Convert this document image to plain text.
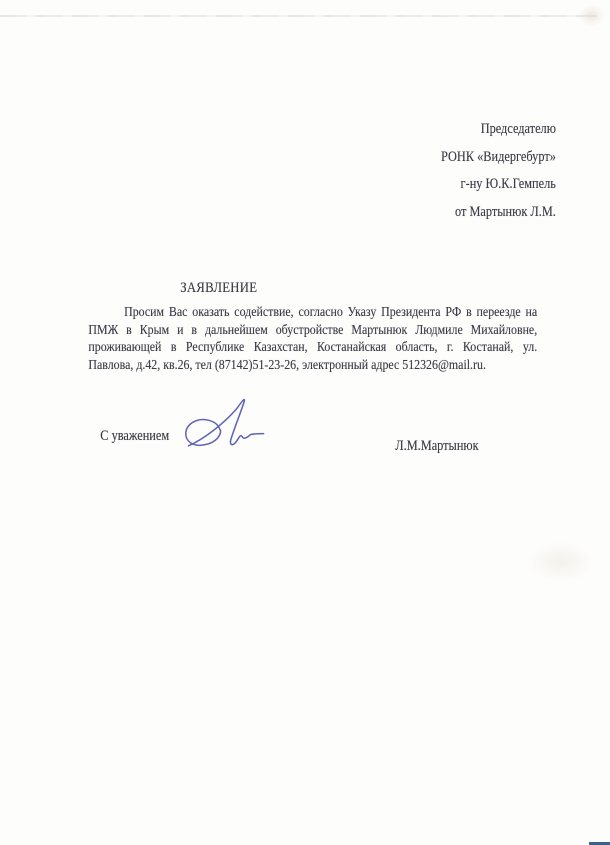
Председателю
РОНК «Видергебурт»
г-ну Ю.К.Гемпель
от Мартынюк Л.М.
ЗАЯВЛЕНИЕ
Просим Вас оказать содействие, согласно Указу Президента РФ в переезде на
ПМЖ в Крым и в дальнейшем обустройстве Мартынюк Людмиле Михайловне,
проживающей в Республике Казахстан, Костанайская область, г. Костанай, ул.
Павлова, д.42, кв.26, тел (87142)51-23-26, электронный адрес 512326@mail.ru.
С уважением
Л.М.Мартынюк
